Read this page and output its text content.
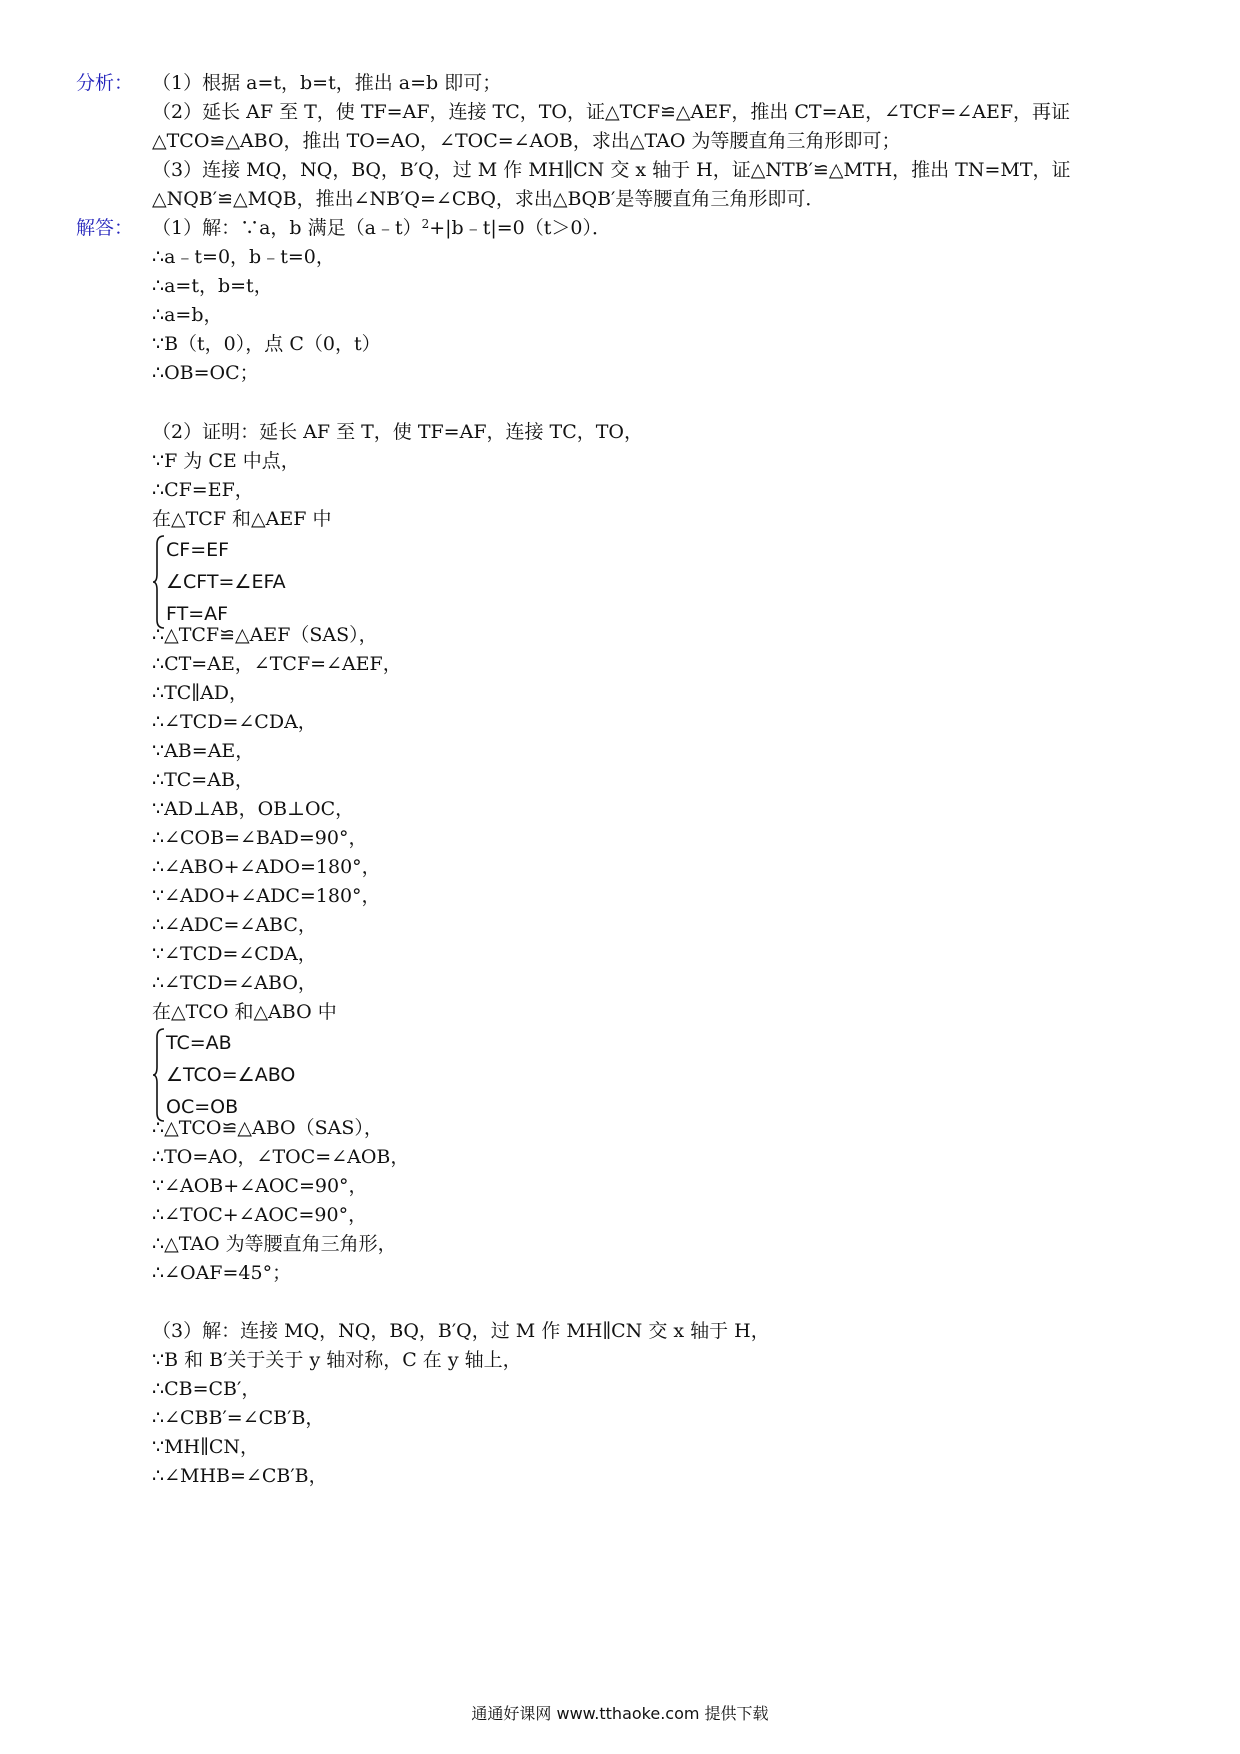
分析： （1）根据 a=t，b=t，推出 a=b 即可；
（2）延长 AF 至 T，使 TF=AF，连接 TC，TO，证△TCF≌△AEF，推出 CT=AE，∠TCF=∠AEF，再证
△TCO≌△ABO，推出 TO=AO，∠TOC=∠AOB，求出△TAO 为等腰直角三角形即可；
（3）连接 MQ，NQ，BQ，B′Q，过 M 作 MH∥CN 交 x 轴于 H，证△NTB′≌△MTH，推出 TN=MT，证
△NQB′≌△MQB，推出∠NB′Q=∠CBQ，求出△BQB′是等腰直角三角形即可．
解答： （1）解：∵a，b 满足（a﹣t）$^2$+|b﹣t|=0（t＞0）．
∴a﹣t=0，b﹣t=0，
∴a=t，b=t，
∴a=b，
∵B（t，0），点 C（0，t）
∴OB=OC；
（2）证明：延长 AF 至 T，使 TF=AF，连接 TC，TO，
∵F 为 CE 中点，
∴CF=EF，
在△TCF 和△AEF 中
CF=EF
∠CFT=∠EFA
FT=AF
∴△TCF≌△AEF（SAS），
∴CT=AE，∠TCF=∠AEF，
∴TC∥AD，
∴∠TCD=∠CDA，
∵AB=AE，
∴TC=AB，
∵AD⊥AB，OB⊥OC，
∴∠COB=∠BAD=90°，
∴∠ABO+∠ADO=180°，
∵∠ADO+∠ADC=180°，
∴∠ADC=∠ABC，
∵∠TCD=∠CDA，
∴∠TCD=∠ABO，
在△TCO 和△ABO 中
TC=AB
∠TCO=∠ABO
OC=OB
∴△TCO≌△ABO（SAS），
∴TO=AO，∠TOC=∠AOB，
∵∠AOB+∠AOC=90°，
∴∠TOC+∠AOC=90°，
∴△TAO 为等腰直角三角形，
∴∠OAF=45°；
（3）解：连接 MQ，NQ，BQ，B′Q，过 M 作 MH∥CN 交 x 轴于 H，
∵B 和 B′关于关于 y 轴对称，C 在 y 轴上，
∴CB=CB′，
∴∠CBB′=∠CB′B，
∵MH∥CN，
∴∠MHB=∠CB′B，
通通好课网 www.tthaoke.com 提供下载
